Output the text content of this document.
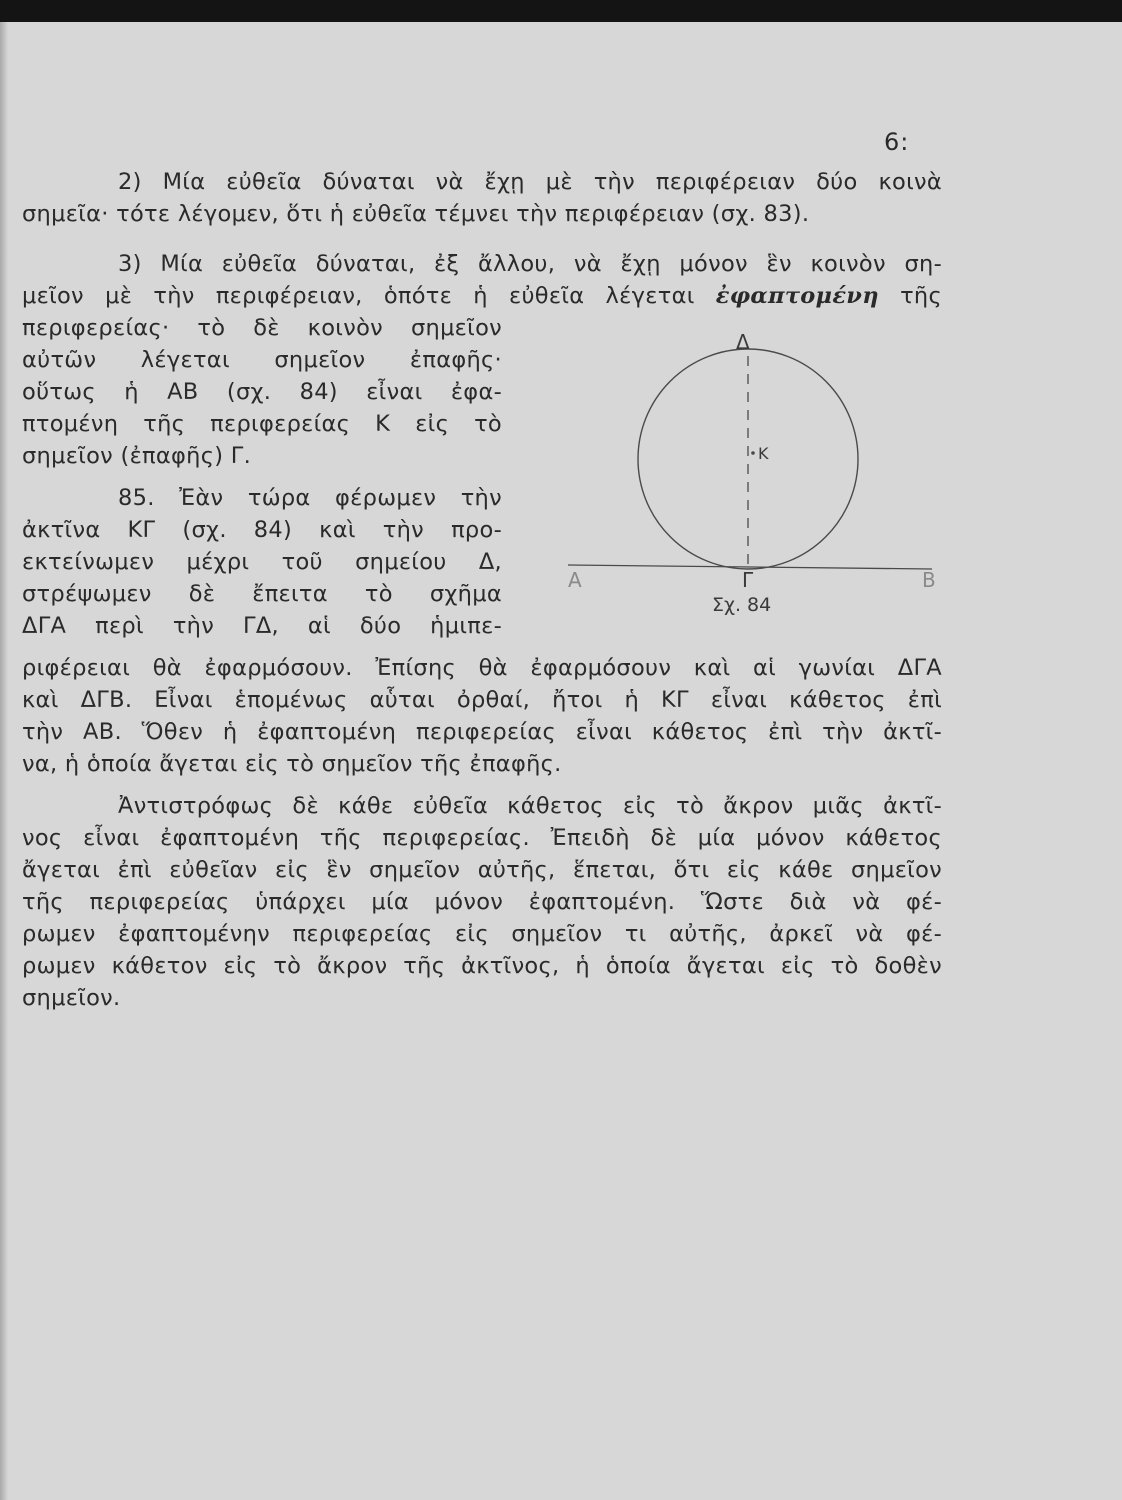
6:
2) Μία εὐθεῖα δύναται νὰ ἔχῃ μὲ τὴν περιφέρειαν δύο κοινὰ
σημεῖα· τότε λέγομεν, ὅτι ἡ εὐθεῖα τέμνει τὴν περιφέρειαν (σχ. 83).
3) Μία εὐθεῖα δύναται, ἐξ ἄλλου, νὰ ἔχῃ μόνον ἓν κοινὸν ση-
μεῖον μὲ τὴν περιφέρειαν, ὁπότε ἡ εὐθεῖα λέγεται ἐφαπτομένη τῆς
περιφερείας· τὸ δὲ κοινὸν σημεῖον
αὐτῶν λέγεται σημεῖον ἐπαφῆς·
οὕτως ἡ ΑΒ (σχ. 84) εἶναι ἐφα-
πτομένη τῆς περιφερείας Κ εἰς τὸ
σημεῖον (ἐπαφῆς) Γ.
85. Ἐὰν τώρα φέρωμεν τὴν
ἀκτῖνα ΚΓ (σχ. 84) καὶ τὴν προ-
εκτείνωμεν μέχρι τοῦ σημείου Δ,
στρέψωμεν δὲ ἔπειτα τὸ σχῆμα
ΔΓΑ περὶ τὴν ΓΔ, αἱ δύο ἡμιπε-
ριφέρειαι θὰ ἐφαρμόσουν. Ἐπίσης θὰ ἐφαρμόσουν καὶ αἱ γωνίαι ΔΓΑ
καὶ ΔΓΒ. Εἶναι ἑπομένως αὗται ὀρθαί, ἤτοι ἡ ΚΓ εἶναι κάθετος ἐπὶ
τὴν ΑΒ. Ὅθεν ἡ ἐφαπτομένη περιφερείας εἶναι κάθετος ἐπὶ τὴν ἀκτῖ-
να, ἡ ὁποία ἄγεται εἰς τὸ σημεῖον τῆς ἐπαφῆς.
Ἀντιστρόφως δὲ κάθε εὐθεῖα κάθετος εἰς τὸ ἄκρον μιᾶς ἀκτῖ-
νος εἶναι ἐφαπτομένη τῆς περιφερείας. Ἐπειδὴ δὲ μία μόνον κάθετος
ἄγεται ἐπὶ εὐθεῖαν εἰς ἓν σημεῖον αὐτῆς, ἕπεται, ὅτι εἰς κάθε σημεῖον
τῆς περιφερείας ὑπάρχει μία μόνον ἐφαπτομένη. Ὥστε διὰ νὰ φέ-
ρωμεν ἐφαπτομένην περιφερείας εἰς σημεῖον τι αὐτῆς, ἀρκεῖ νὰ φέ-
ρωμεν κάθετον εἰς τὸ ἄκρον τῆς ἀκτῖνος, ἡ ὁποία ἄγεται εἰς τὸ δοθὲν
σημεῖον.
Δ
Κ
Γ
Α	Β
Σχ. 84
